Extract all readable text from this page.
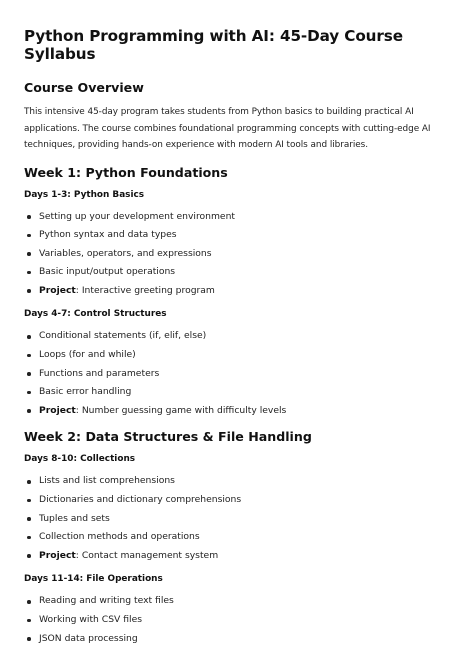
Python Programming with AI: 45-Day Course Syllabus
Course Overview

This intensive 45-day program takes students from Python basics to building practical AI applications. The course combines foundational programming concepts with cutting-edge AI techniques, providing hands-on experience with modern AI tools and libraries.

Week 1: Python Foundations
Days 1-3: Python Basics
Setting up your development environment
Python syntax and data types
Variables, operators, and expressions
Basic input/output operations
Project: Interactive greeting program
Days 4-7: Control Structures
Conditional statements (if, elif, else)
Loops (for and while)
Functions and parameters
Basic error handling
Project: Number guessing game with difficulty levels
Week 2: Data Structures & File Handling
Days 8-10: Collections
Lists and list comprehensions
Dictionaries and dictionary comprehensions
Tuples and sets
Collection methods and operations
Project: Contact management system
Days 11-14: File Operations
Reading and writing text files
Working with CSV files
JSON data processing
